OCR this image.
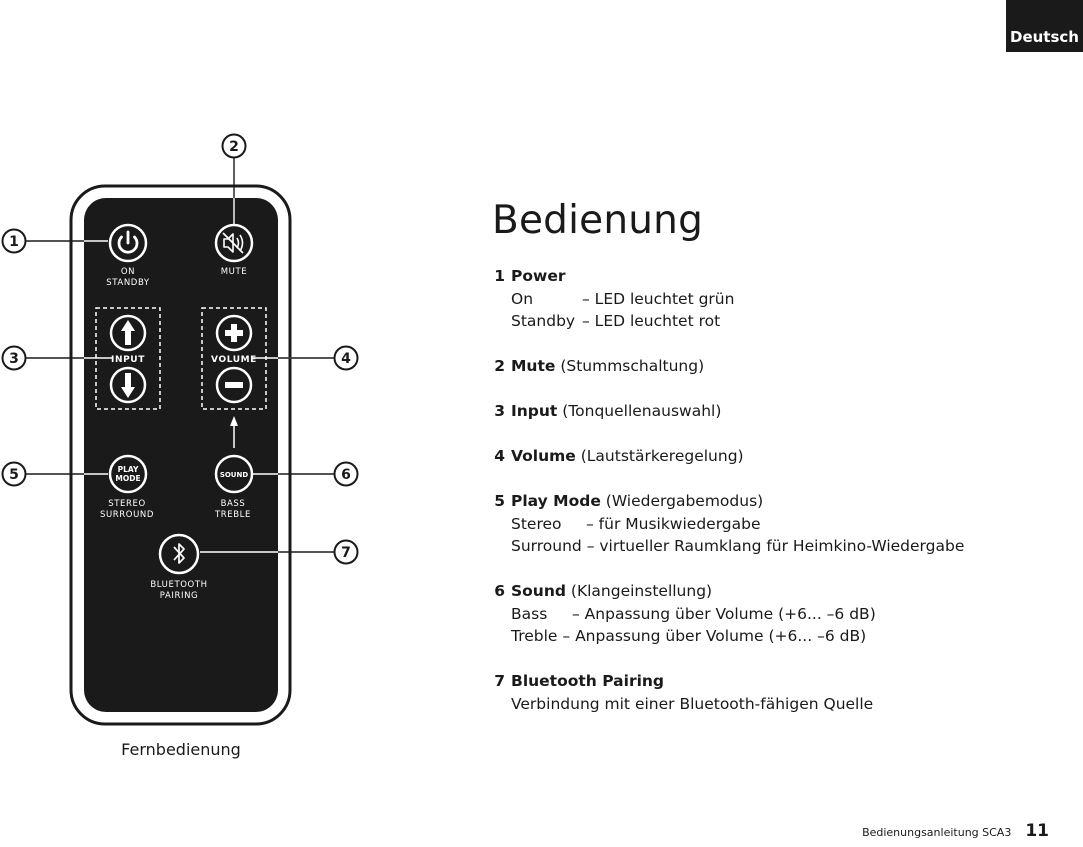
Deutsch
1
2
3	4
5	6
7
ON
STANDBY
MUTE
INPUT	VOLUME
PLAY
MODE
STEREO
SURROUND
SOUND
BASS
TREBLE
BLUETOOTH
PAIRING
Fernbedienung
Bedienung
1 Power
On	– LED leuchtet grün
Standby – LED leuchtet rot
2 Mute (Stummschaltung)
3 Input (Tonquellenauswahl)
4 Volume (Lautstärkeregelung)
5 Play Mode (Wiedergabemodus)
Stereo – für Musikwiedergabe
Surround – virtueller Raumklang für Heimkino-Wiedergabe
6 Sound (Klangeinstellung)
Bass – Anpassung über Volume (+6... –6 dB)
Treble – Anpassung über Volume (+6... –6 dB)
7 Bluetooth Pairing
Verbindung mit einer Bluetooth-fähigen Quelle
Bedienungsanleitung SCA3 11
